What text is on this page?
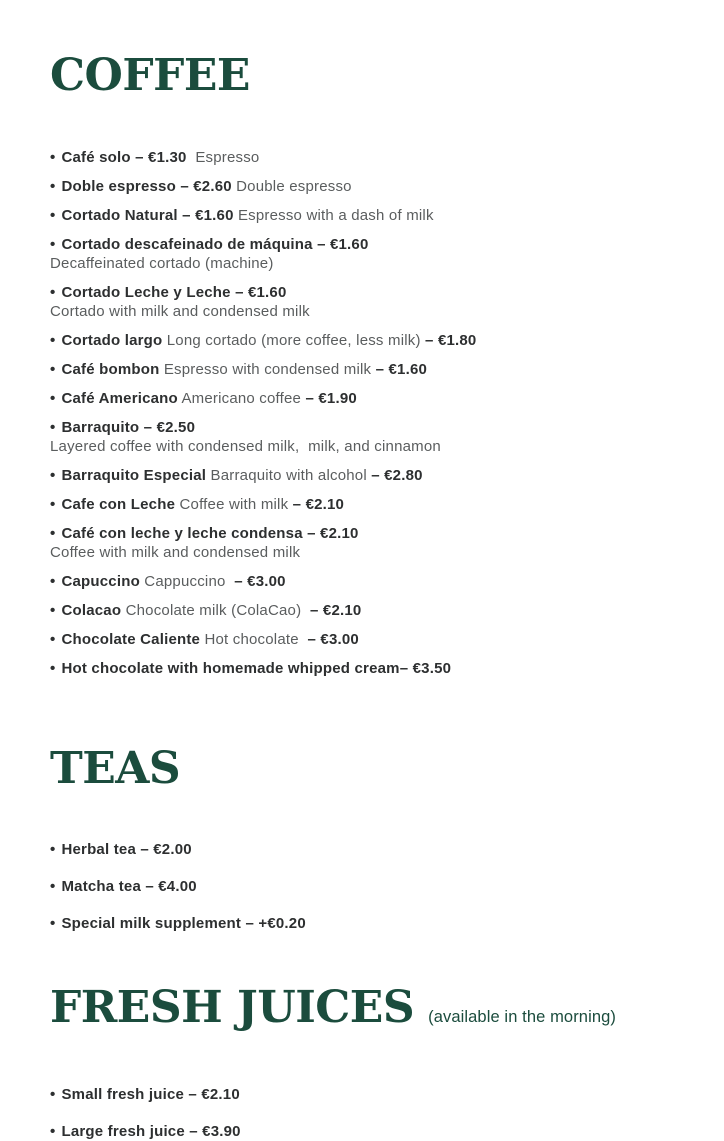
COFFEE
• Café solo – €1.30  Espresso
• Doble espresso – €2.60 Double espresso
• Cortado Natural – €1.60 Espresso with a dash of milk
• Cortado descafeinado de máquina – €1.60
Decaffeinated cortado (machine)
• Cortado Leche y Leche – €1.60
Cortado with milk and condensed milk
• Cortado largo Long cortado (more coffee, less milk) – €1.80
• Café bombon Espresso with condensed milk – €1.60
• Café Americano Americano coffee – €1.90
• Barraquito – €2.50
Layered coffee with condensed milk,  milk, and cinnamon
• Barraquito Especial Barraquito with alcohol – €2.80
• Cafe con Leche Coffee with milk – €2.10
• Café con leche y leche condensa – €2.10
Coffee with milk and condensed milk
• Capuccino Cappuccino  – €3.00
• Colacao Chocolate milk (ColaCao)  – €2.10
• Chocolate Caliente Hot chocolate  – €3.00
• Hot chocolate with homemade whipped cream– €3.50
TEAS
• Herbal tea – €2.00
• Matcha tea – €4.00
• Special milk supplement – +€0.20
FRESH JUICES (available in the morning)
• Small fresh juice – €2.10
• Large fresh juice – €3.90
